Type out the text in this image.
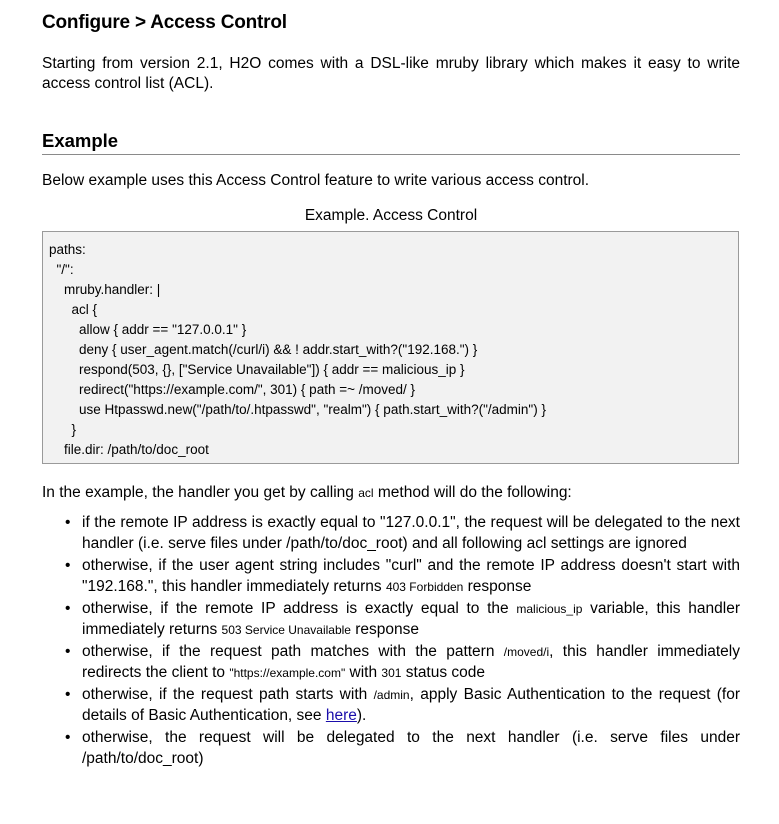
Configure > Access Control

Starting from version 2.1, H2O comes with a DSL-like mruby library which makes it easy to write access control list (ACL).

Example

Below example uses this Access Control feature to write various access control.

Example. Access Control

paths:
"/":
mruby.handler: |
acl {
allow { addr == "127.0.0.1" }
deny { user_agent.match(/curl/i) && ! addr.start_with?("192.168.") }
respond(503, {}, ["Service Unavailable"]) { addr == malicious_ip }
redirect("https://example.com/", 301) { path =~ /moved/ }
use Htpasswd.new("/path/to/.htpasswd", "realm") { path.start_with?("/admin") }
}
file.dir: /path/to/doc_root

In the example, the handler you get by calling acl method will do the following:

• if the remote IP address is exactly equal to "127.0.0.1", the request will be delegated to the next handler (i.e. serve files under /path/to/doc_root) and all following acl settings are ignored
• otherwise, if the user agent string includes "curl" and the remote IP address doesn't start with "192.168.", this handler immediately returns 403 Forbidden response
• otherwise, if the remote IP address is exactly equal to the malicious_ip variable, this handler immediately returns 503 Service Unavailable response
• otherwise, if the request path matches with the pattern /moved/i, this handler immediately redirects the client to "https://example.com" with 301 status code
• otherwise, if the request path starts with /admin, apply Basic Authentication to the request (for details of Basic Authentication, see here).
• otherwise, the request will be delegated to the next handler (i.e. serve files under /path/to/doc_root)
